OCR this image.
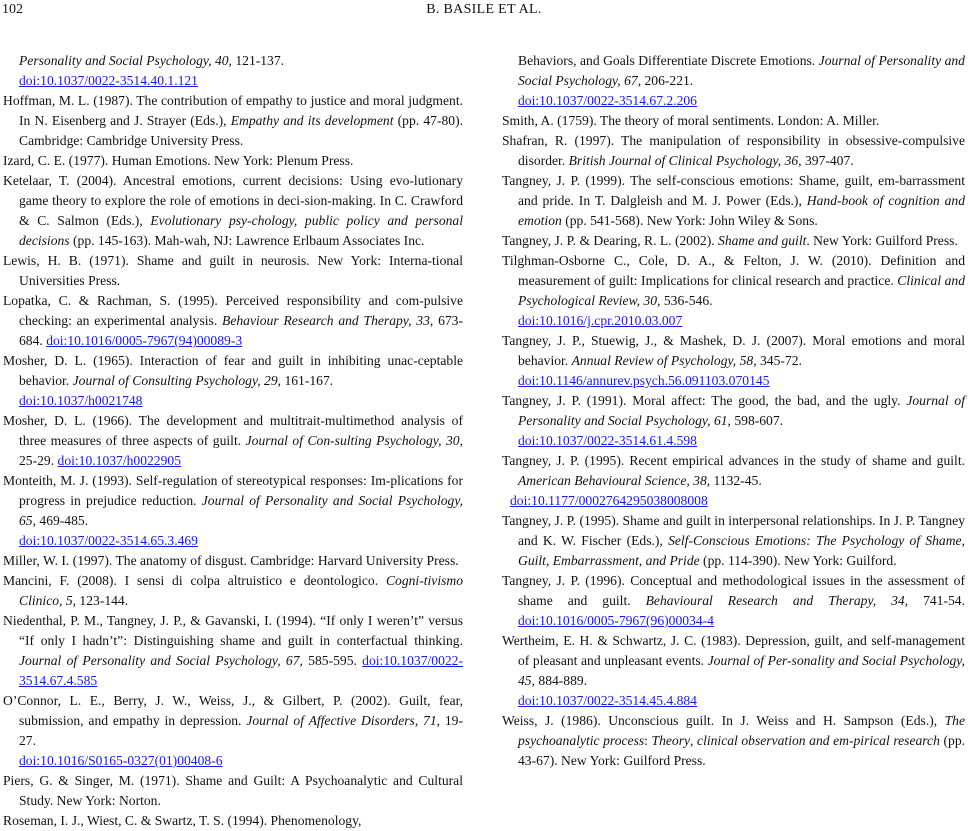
102	B. BASILE ET AL.

Personality and Social Psychology, 40, 121-137.

doi:10.1037/0022-3514.40.1.121

Hoffman, M. L. (1987). The contribution of empathy to justice and moral judgment. In N. Eisenberg and J. Strayer (Eds.), Empathy and its development (pp. 47-80). Cambridge: Cambridge University Press.

Izard, C. E. (1977). Human Emotions. New York: Plenum Press.

Ketelaar, T. (2004). Ancestral emotions, current decisions: Using evo-lutionary game theory to explore the role of emotions in deci-sion-making. In C. Crawford & C. Salmon (Eds.), Evolutionary psy-chology, public policy and personal decisions (pp. 145-163). Mah-wah, NJ: Lawrence Erlbaum Associates Inc.

Lewis, H. B. (1971). Shame and guilt in neurosis. New York: Interna-tional Universities Press.

Lopatka, C. & Rachman, S. (1995). Perceived responsibility and com-pulsive checking: an experimental analysis. Behaviour Research and Therapy, 33, 673-684. doi:10.1016/0005-7967(94)00089-3

Mosher, D. L. (1965). Interaction of fear and guilt in inhibiting unac-ceptable behavior. Journal of Consulting Psychology, 29, 161-167.

doi:10.1037/h0021748

Mosher, D. L. (1966). The development and multitrait-multimethod analysis of three measures of three aspects of guilt. Journal of Con-sulting Psychology, 30, 25-29. doi:10.1037/h0022905

Monteith, M. J. (1993). Self-regulation of stereotypical responses: Im-plications for progress in prejudice reduction. Journal of Personality and Social Psychology, 65, 469-485.

doi:10.1037/0022-3514.65.3.469

Miller, W. I. (1997). The anatomy of disgust. Cambridge: Harvard University Press.

Mancini, F. (2008). I sensi di colpa altruistico e deontologico. Cogni-tivismo Clinico, 5, 123-144.

Niedenthal, P. M., Tangney, J. P., & Gavanski, I. (1994). “If only I weren’t” versus “If only I hadn’t”: Distinguishing shame and guilt in conterfactual thinking. Journal of Personality and Social Psychology, 67, 585-595. doi:10.1037/0022-3514.67.4.585

O’Connor, L. E., Berry, J. W., Weiss, J., & Gilbert, P. (2002). Guilt, fear, submission, and empathy in depression. Journal of Affective Disorders, 71, 19-27.

doi:10.1016/S0165-0327(01)00408-6

Piers, G. & Singer, M. (1971). Shame and Guilt: A Psychoanalytic and Cultural Study. New York: Norton.

Roseman, I. J., Wiest, C. & Swartz, T. S. (1994). Phenomenology,

Behaviors, and Goals Differentiate Discrete Emotions. Journal of Personality and Social Psychology, 67, 206-221.

doi:10.1037/0022-3514.67.2.206

Smith, A. (1759). The theory of moral sentiments. London: A. Miller.

Shafran, R. (1997). The manipulation of responsibility in obsessive-compulsive disorder. British Journal of Clinical Psychology, 36, 397-407.

Tangney, J. P. (1999). The self-conscious emotions: Shame, guilt, em-barrassment and pride. In T. Dalgleish and M. J. Power (Eds.), Hand-book of cognition and emotion (pp. 541-568). New York: John Wiley & Sons.

Tangney, J. P. & Dearing, R. L. (2002). Shame and guilt. New York: Guilford Press.

Tilghman-Osborne C., Cole, D. A., & Felton, J. W. (2010). Definition and measurement of guilt: Implications for clinical research and practice. Clinical and Psychological Review, 30, 536-546.

doi:10.1016/j.cpr.2010.03.007

Tangney, J. P., Stuewig, J., & Mashek, D. J. (2007). Moral emotions and moral behavior. Annual Review of Psychology, 58, 345-72.

doi:10.1146/annurev.psych.56.091103.070145

Tangney, J. P. (1991). Moral affect: The good, the bad, and the ugly. Journal of Personality and Social Psychology, 61, 598-607.

doi:10.1037/0022-3514.61.4.598

Tangney, J. P. (1995). Recent empirical advances in the study of shame and guilt. American Behavioural Science, 38, 1132-45.

doi:10.1177/0002764295038008008

Tangney, J. P. (1995). Shame and guilt in interpersonal relationships. In J. P. Tangney and K. W. Fischer (Eds.), Self-Conscious Emotions: The Psychology of Shame, Guilt, Embarrassment, and Pride (pp. 114-390). New York: Guilford.

Tangney, J. P. (1996). Conceptual and methodological issues in the assessment of shame and guilt. Behavioural Research and Therapy, 34, 741-54. doi:10.1016/0005-7967(96)00034-4

Wertheim, E. H. & Schwartz, J. C. (1983). Depression, guilt, and self-management of pleasant and unpleasant events. Journal of Per-sonality and Social Psychology, 45, 884-889.

doi:10.1037/0022-3514.45.4.884

Weiss, J. (1986). Unconscious guilt. In J. Weiss and H. Sampson (Eds.), The psychoanalytic process: Theory, clinical observation and em-pirical research (pp. 43-67). New York: Guilford Press.
